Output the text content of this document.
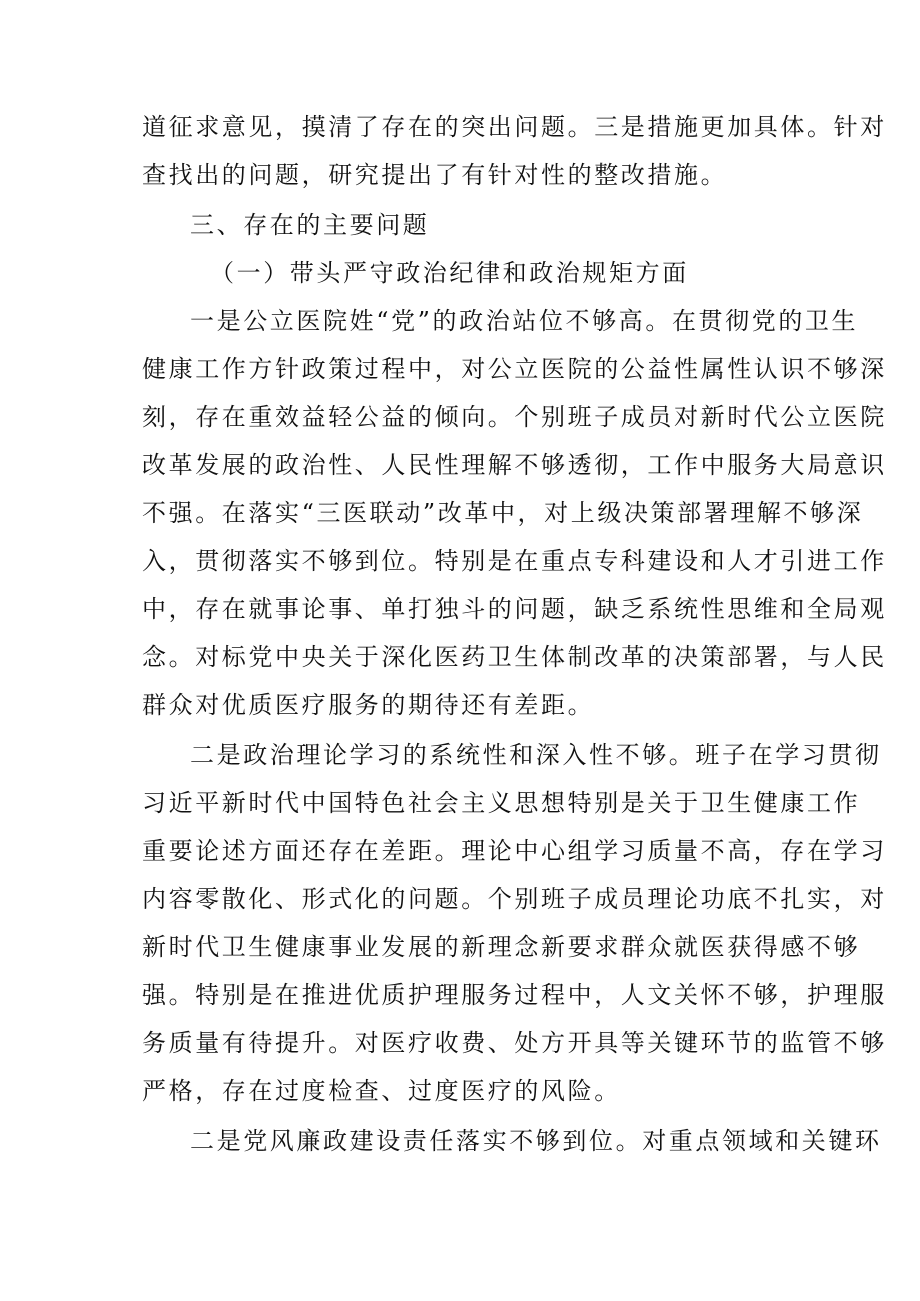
道征求意见，摸清了存在的突出问题。三是措施更加具体。针对
查找出的问题，研究提出了有针对性的整改措施。
三、存在的主要问题
（一）带头严守政治纪律和政治规矩方面
一是公立医院姓“党”的政治站位不够高。在贯彻党的卫生
健康工作方针政策过程中，对公立医院的公益性属性认识不够深
刻，存在重效益轻公益的倾向。个别班子成员对新时代公立医院
改革发展的政治性、人民性理解不够透彻，工作中服务大局意识
不强。在落实“三医联动”改革中，对上级决策部署理解不够深
入，贯彻落实不够到位。特别是在重点专科建设和人才引进工作
中，存在就事论事、单打独斗的问题，缺乏系统性思维和全局观
念。对标党中央关于深化医药卫生体制改革的决策部署，与人民
群众对优质医疗服务的期待还有差距。
二是政治理论学习的系统性和深入性不够。班子在学习贯彻
习近平新时代中国特色社会主义思想特别是关于卫生健康工作
重要论述方面还存在差距。理论中心组学习质量不高，存在学习
内容零散化、形式化的问题。个别班子成员理论功底不扎实，对
新时代卫生健康事业发展的新理念新要求群众就医获得感不够
强。特别是在推进优质护理服务过程中，人文关怀不够，护理服
务质量有待提升。对医疗收费、处方开具等关键环节的监管不够
严格，存在过度检查、过度医疗的风险。
二是党风廉政建设责任落实不够到位。对重点领域和关键环
